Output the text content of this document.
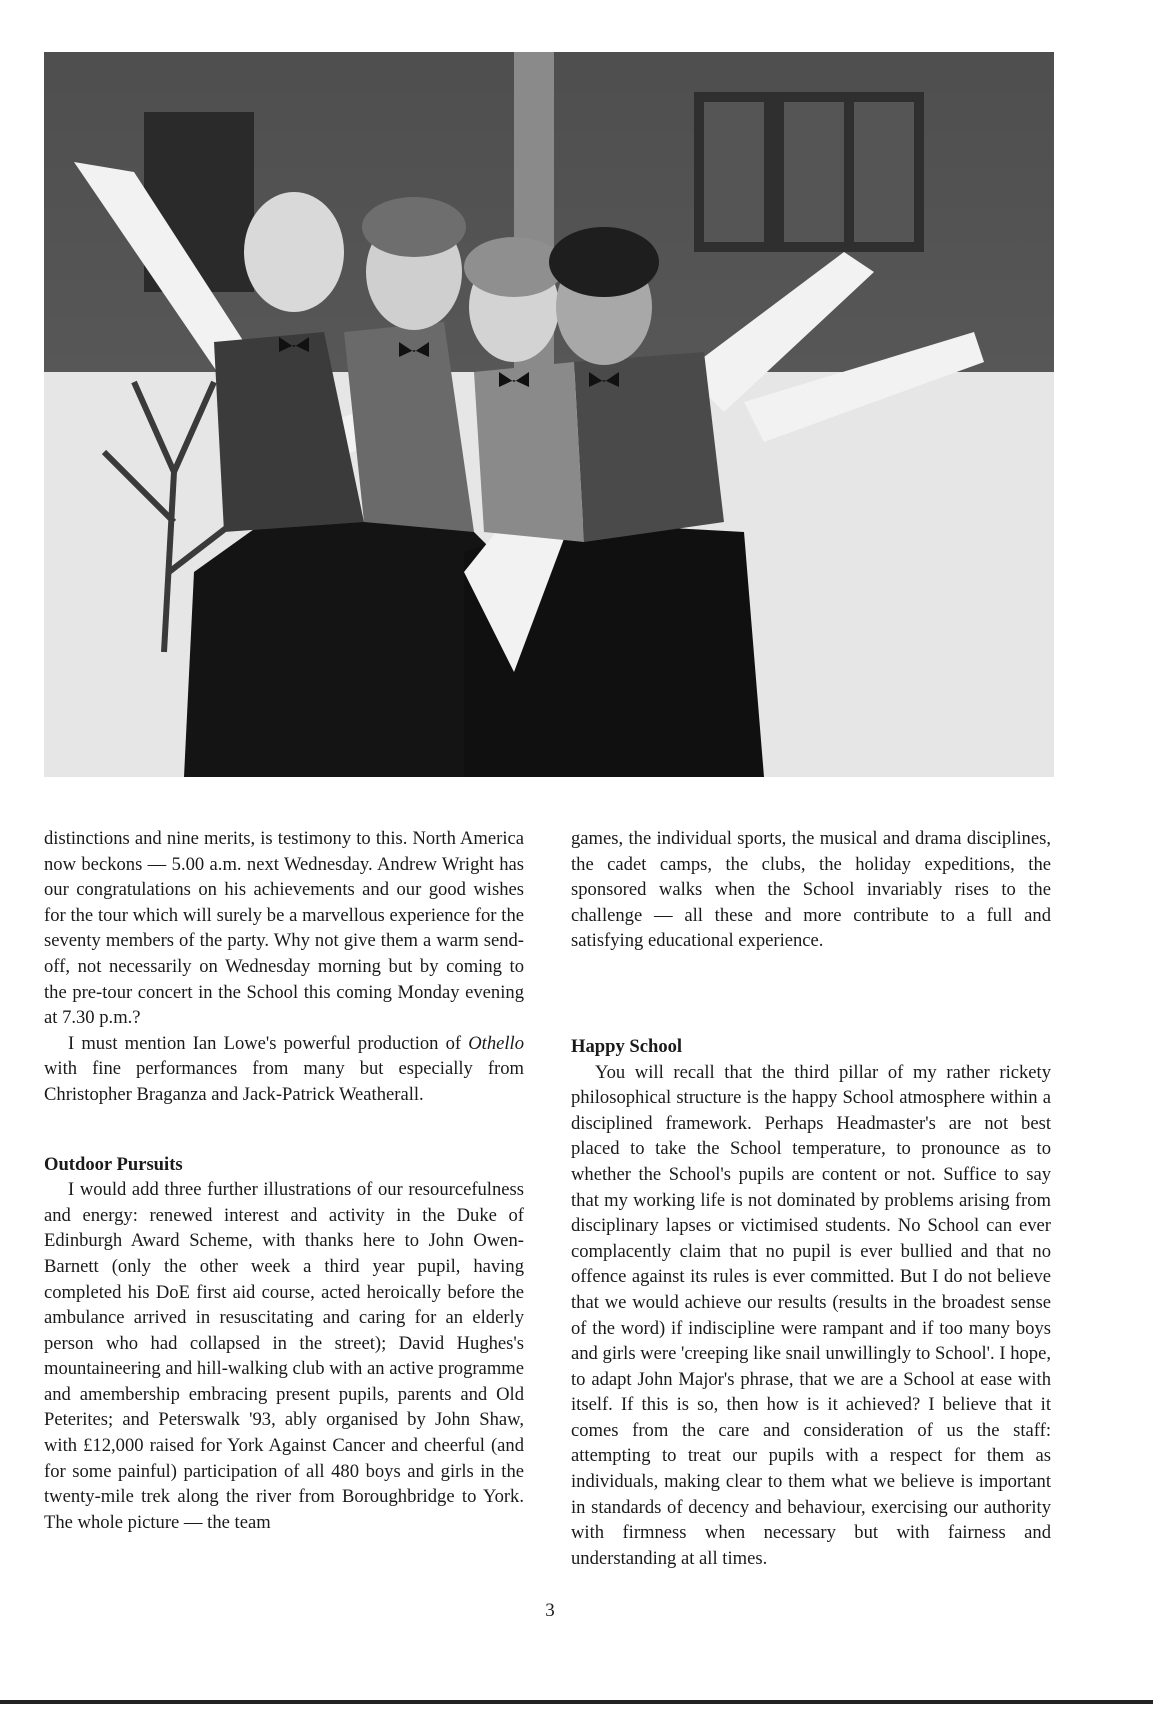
distinctions and nine merits, is testimony to this. North America now beckons — 5.00 a.m. next Wednesday. Andrew Wright has our congratulations on his achievements and our good wishes for the tour which will surely be a marvellous experience for the seventy members of the party. Why not give them a warm send-off, not necessarily on Wednesday morning but by coming to the pre-tour concert in the School this coming Monday evening at 7.30 p.m.?

I must mention Ian Lowe's powerful production of Othello with fine performances from many but especially from Christopher Braganza and Jack-Patrick Weatherall.

Outdoor Pursuits

I would add three further illustrations of our resourcefulness and energy: renewed interest and activity in the Duke of Edinburgh Award Scheme, with thanks here to John Owen-Barnett (only the other week a third year pupil, having completed his DoE first aid course, acted heroically before the ambulance arrived in resuscitating and caring for an elderly person who had collapsed in the street); David Hughes's mountaineering and hill-walking club with an active programme and amembership embracing present pupils, parents and Old Peterites; and Peterswalk '93, ably organised by John Shaw, with £12,000 raised for York Against Cancer and cheerful (and for some painful) participation of all 480 boys and girls in the twenty-mile trek along the river from Boroughbridge to York. The whole picture — the team

games, the individual sports, the musical and drama disciplines, the cadet camps, the clubs, the holiday expeditions, the sponsored walks when the School invariably rises to the challenge — all these and more contribute to a full and satisfying educational experience.

Happy School

You will recall that the third pillar of my rather rickety philosophical structure is the happy School atmosphere within a disciplined framework. Perhaps Headmaster's are not best placed to take the School temperature, to pronounce as to whether the School's pupils are content or not. Suffice to say that my working life is not dominated by problems arising from disciplinary lapses or victimised students. No School can ever complacently claim that no pupil is ever bullied and that no offence against its rules is ever committed. But I do not believe that we would achieve our results (results in the broadest sense of the word) if indiscipline were rampant and if too many boys and girls were 'creeping like snail unwillingly to School'. I hope, to adapt John Major's phrase, that we are a School at ease with itself. If this is so, then how is it achieved? I believe that it comes from the care and consideration of us the staff: attempting to treat our pupils with a respect for them as individuals, making clear to them what we believe is important in standards of decency and behaviour, exercising our authority with firmness when necessary but with fairness and understanding at all times.

3
